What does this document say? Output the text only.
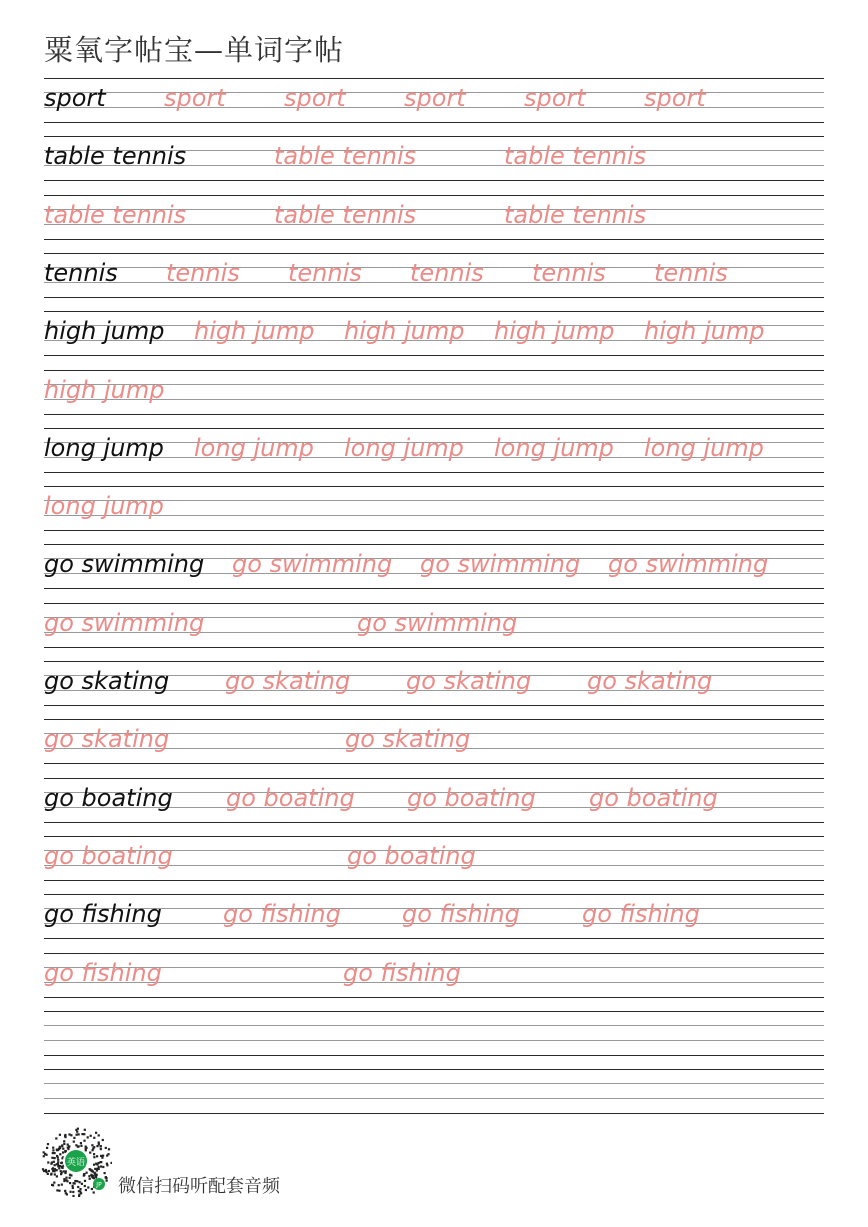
粟氧字帖宝—单词字帖
sport sport sport sport sport sport
table tennis	table tennis	table tennis
table tennis	table tennis	table tennis
tennis tennis tennis tennis tennis tennis
high jump high jump high jump high jump high jump
high jump
long jump long jump long jump long jump long jump
long jump
go swimming go swimming go swimming go swimming
go swimming	go swimming
go skating go skating go skating go skating
go skating	go skating
go boating go boating go boating go boating
go boating	go boating
go fishing	go fishing	go fishing	go fishing
go fishing	go fishing
英语
JP 微信扫码听配套音频
